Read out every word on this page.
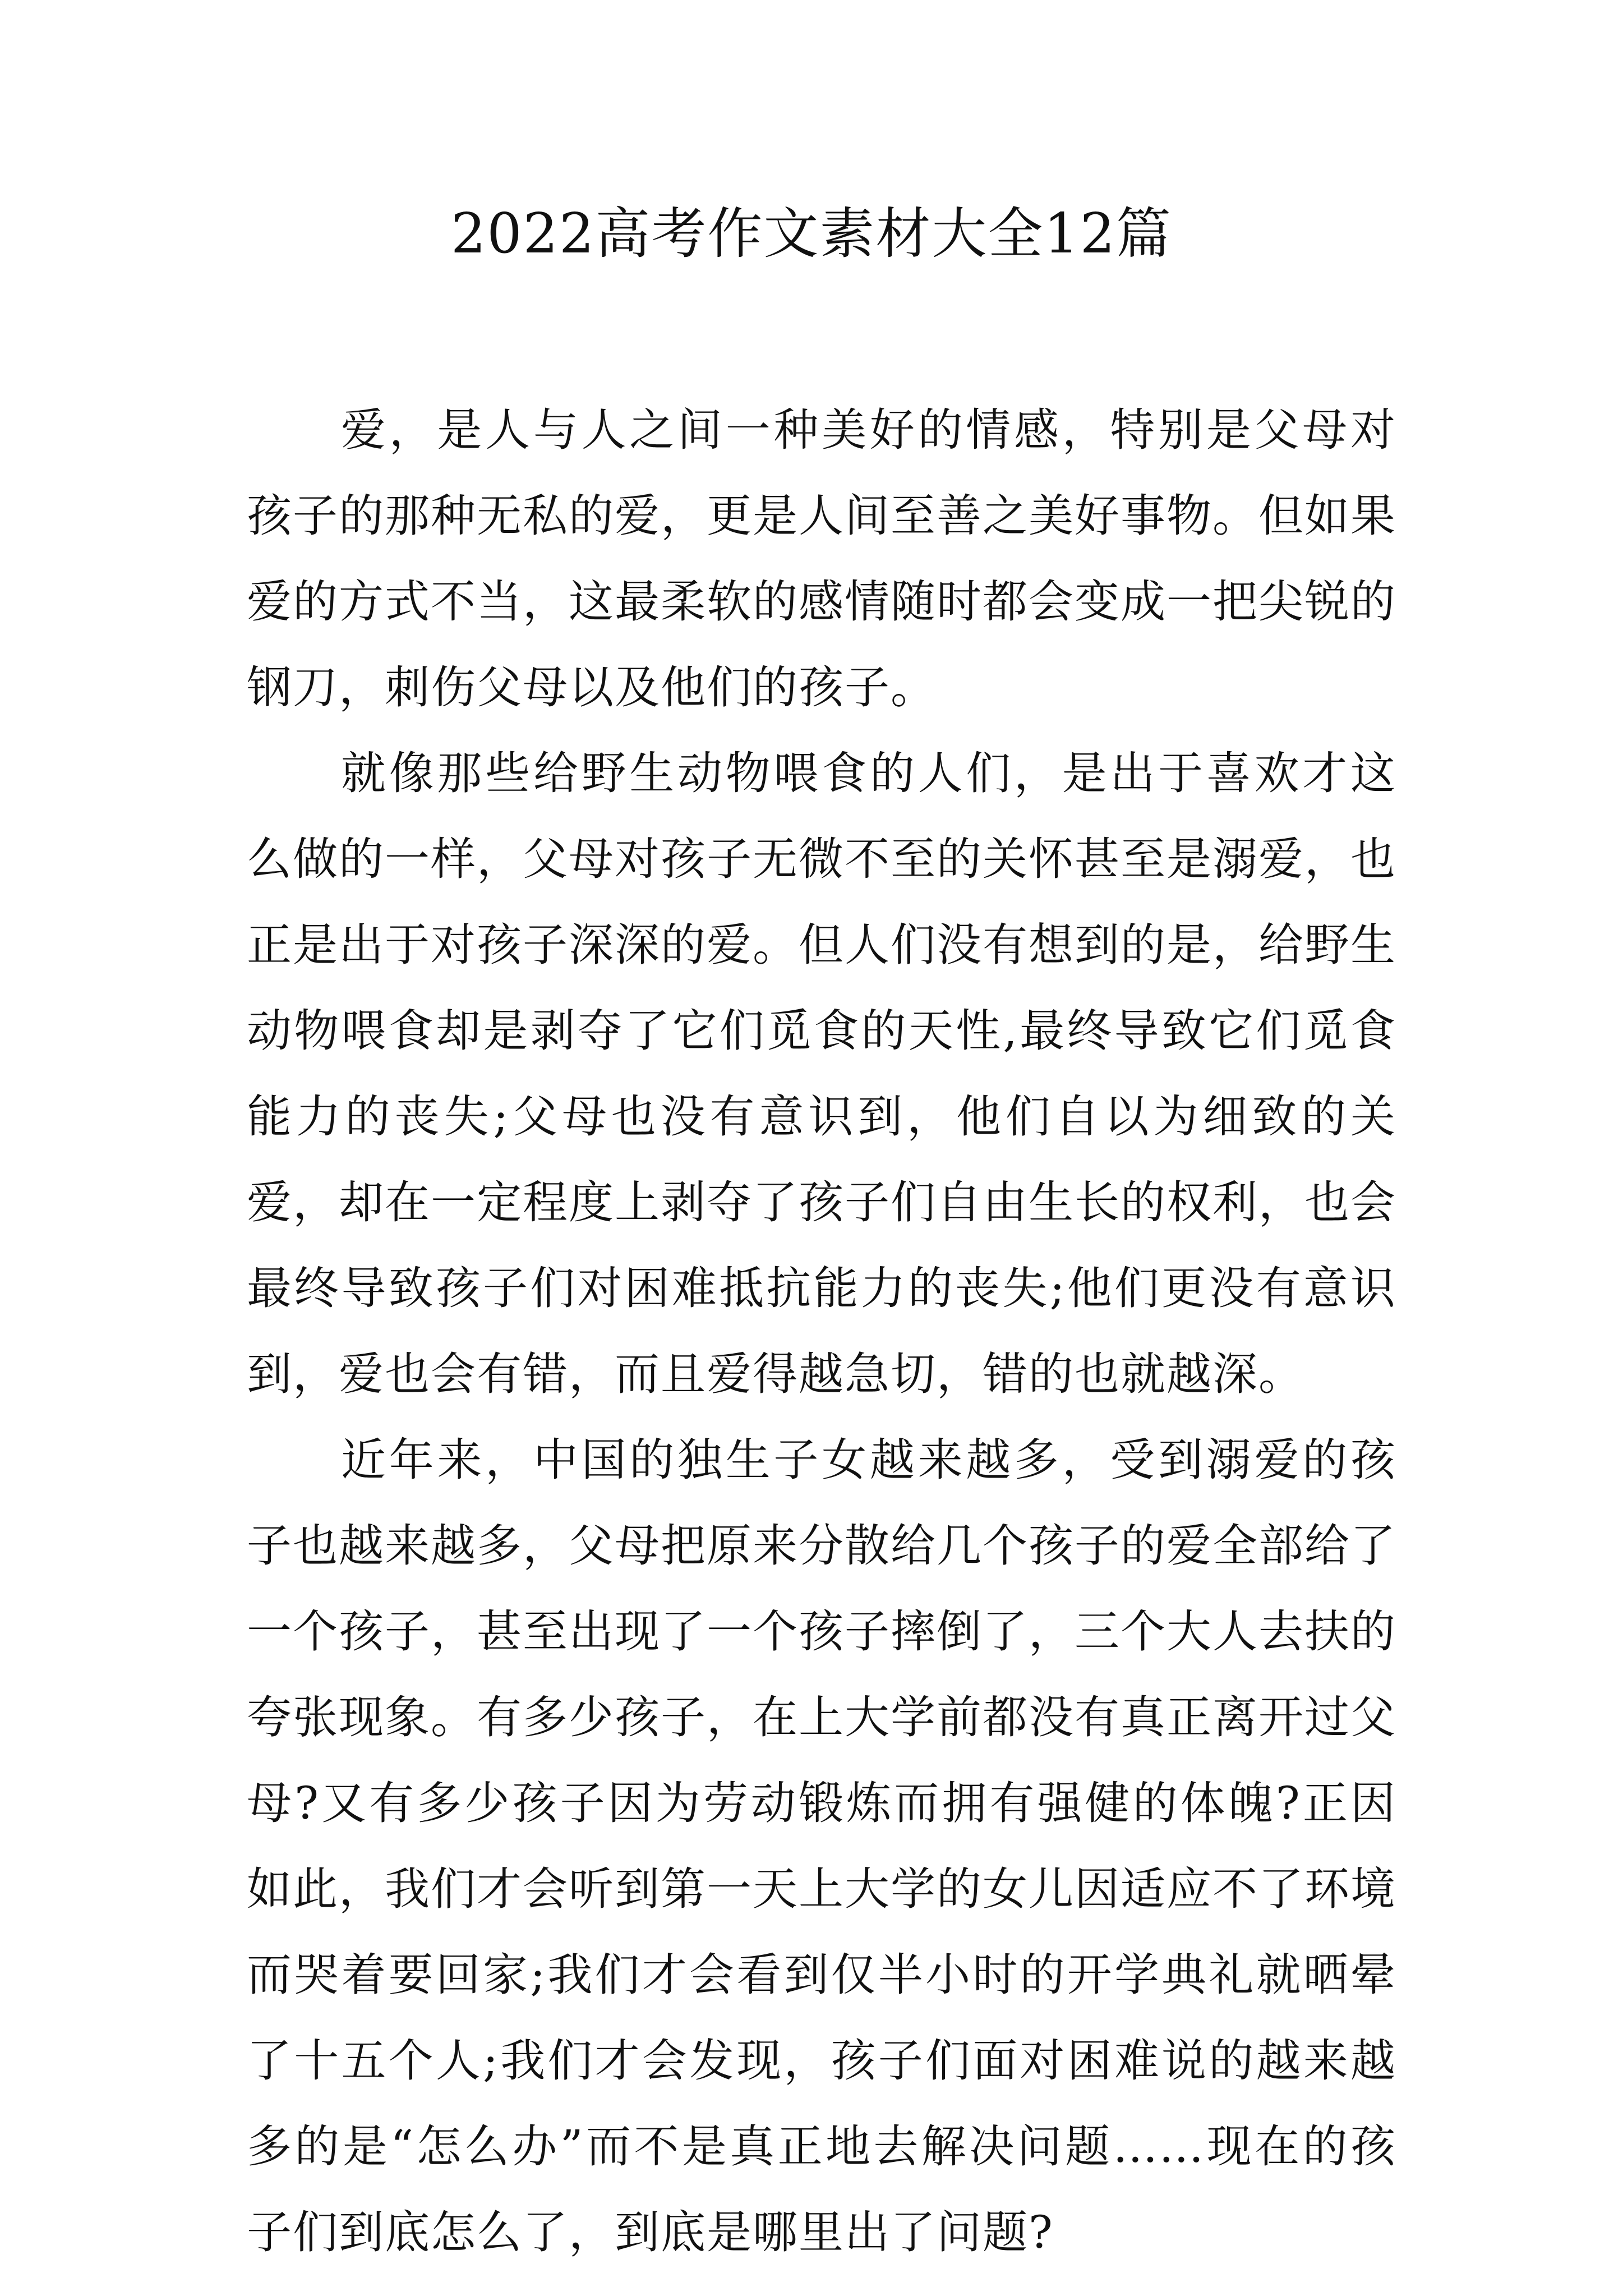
2022高考作文素材大全12篇

爱，是人与人之间一种美好的情感，特别是父母对孩子的那种无私的爱，更是人间至善之美好事物。但如果爱的方式不当，这最柔软的感情随时都会变成一把尖锐的钢刀，刺伤父母以及他们的孩子。

就像那些给野生动物喂食的人们，是出于喜欢才这么做的一样，父母对孩子无微不至的关怀甚至是溺爱，也正是出于对孩子深深的爱。但人们没有想到的是，给野生动物喂食却是剥夺了它们觅食的天性,最终导致它们觅食能力的丧失;父母也没有意识到，他们自以为细致的关爱，却在一定程度上剥夺了孩子们自由生长的权利，也会最终导致孩子们对困难抵抗能力的丧失;他们更没有意识到，爱也会有错，而且爱得越急切，错的也就越深。

近年来，中国的独生子女越来越多，受到溺爱的孩子也越来越多，父母把原来分散给几个孩子的爱全部给了一个孩子，甚至出现了一个孩子摔倒了，三个大人去扶的夸张现象。有多少孩子，在上大学前都没有真正离开过父母?又有多少孩子因为劳动锻炼而拥有强健的体魄?正因如此，我们才会听到第一天上大学的女儿因适应不了环境而哭着要回家;我们才会看到仅半小时的开学典礼就晒晕了十五个人;我们才会发现，孩子们面对困难说的越来越多的是“怎么办”而不是真正地去解决问题……现在的孩子们到底怎么了，到底是哪里出了问题?
